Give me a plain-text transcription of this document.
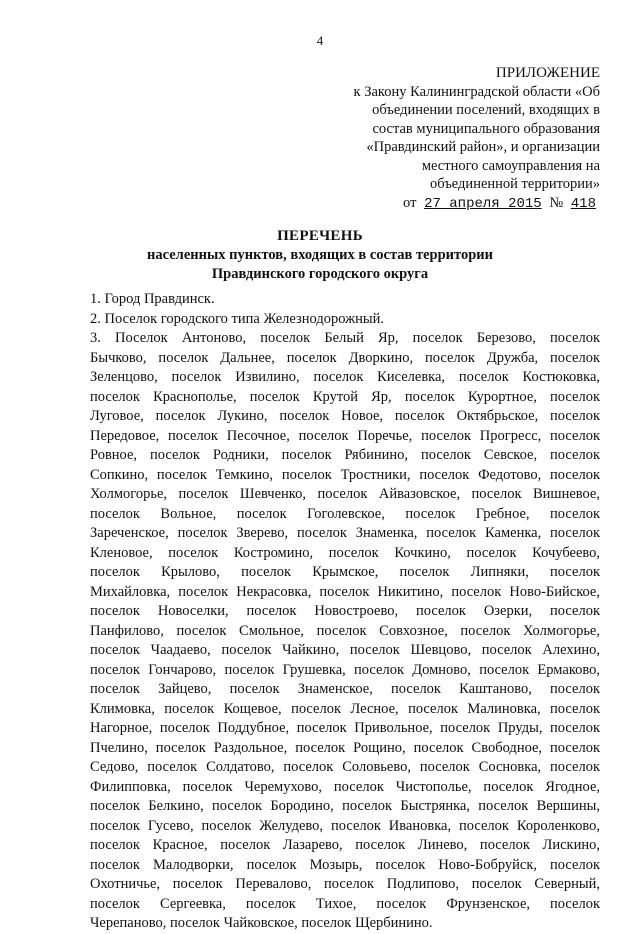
4
ПРИЛОЖЕНИЕ
к Закону Калининградской области «Об
объединении поселений, входящих в
состав муниципального образования
«Правдинский район», и организации
местного самоуправления на
объединенной территории»
от 27 апреля 2015 № 418
ПЕРЕЧЕНЬ
населенных пунктов, входящих в состав территории
Правдинского городского округа
1. Город Правдинск.
2. Поселок городского типа Железнодорожный.
3. Поселок Антоново, поселок Белый Яр, поселок Березово, поселок
Бычково, поселок Дальнее, поселок Дворкино, поселок Дружба, поселок
Зеленцово, поселок Извилино, поселок Киселевка, поселок Костюковка,
поселок Краснополье, поселок Крутой Яр, поселок Курортное, поселок
Луговое, поселок Лукино, поселок Новое, поселок Октябрьское, поселок
Передовое, поселок Песочное, поселок Поречье, поселок Прогресс, поселок
Ровное, поселок Родники, поселок Рябинино, поселок Севское, поселок
Сопкино, поселок Темкино, поселок Тростники, поселок Федотово, поселок
Холмогорье, поселок Шевченко, поселок Айвазовское, поселок Вишневое,
поселок Вольное, поселок Гоголевское, поселок Гребное, поселок
Зареченское, поселок Зверево, поселок Знаменка, поселок Каменка, поселок
Кленовое, поселок Костромино, поселок Кочкино, поселок Кочубеево,
поселок Крылово, поселок Крымское, поселок Липняки, поселок
Михайловка, поселок Некрасовка, поселок Никитино, поселок Ново-Бийское,
поселок Новоселки, поселок Новостроево, поселок Озерки, поселок
Панфилово, поселок Смольное, поселок Совхозное, поселок Холмогорье,
поселок Чаадаево, поселок Чайкино, поселок Шевцово, поселок Алехино,
поселок Гончарово, поселок Грушевка, поселок Домново, поселок Ермаково,
поселок Зайцево, поселок Знаменское, поселок Каштаново, поселок
Климовка, поселок Кощевое, поселок Лесное, поселок Малиновка, поселок
Нагорное, поселок Поддубное, поселок Привольное, поселок Пруды, поселок
Пчелино, поселок Раздольное, поселок Рощино, поселок Свободное, поселок
Седово, поселок Солдатово, поселок Соловьево, поселок Сосновка, поселок
Филипповка, поселок Черемухово, поселок Чистополье, поселок Ягодное,
поселок Белкино, поселок Бородино, поселок Быстрянка, поселок Вершины,
поселок Гусево, поселок Желудево, поселок Ивановка, поселок Короленково,
поселок Красное, поселок Лазарево, поселок Линево, поселок Лискино,
поселок Малодворки, поселок Мозырь, поселок Ново-Бобруйск, поселок
Охотничье, поселок Перевалово, поселок Подлипово, поселок Северный,
поселок Сергеевка, поселок Тихое, поселок Фрунзенское, поселок
Черепаново, поселок Чайковское, поселок Щербинино.
